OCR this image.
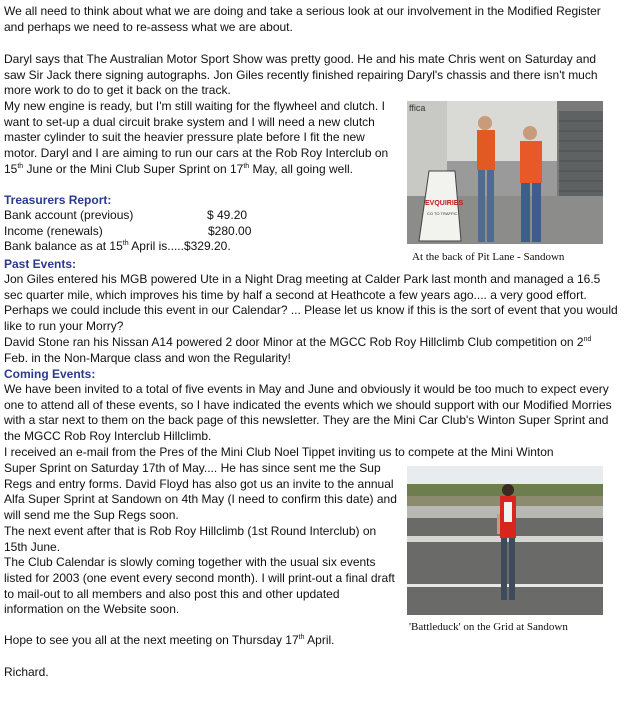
We all need to think about what we are doing and take a serious look at our involvement in the Modified Register and perhaps we need to re-assess what we are about.

Daryl says that The Australian Motor Sport Show was pretty good. He and his mate Chris went on Saturday and saw Sir Jack there signing autographs. Jon Giles recently finished repairing Daryl's chassis and there isn't much more work to do to get it back on the track.

My new engine is ready, but I'm still waiting for the flywheel and clutch. I want to set-up a dual circuit brake system and I will need a new clutch master cylinder to suit the heavier pressure plate before I fit the new motor. Daryl and I are aiming to run our cars at the Rob Roy Interclub on 15th June or the Mini Club Super Sprint on 17th May, all going well.

Treasurers Report:
Bank account (previous)	$ 49.20
Income (renewals)	$280.00
Bank balance as at 15th April is.....$329.20.
ffica
EVQUIRIES
CO TO TRAFFIC
At the back of Pit Lane - Sandown
Past Events:

Jon Giles entered his MGB powered Ute in a Night Drag meeting at Calder Park last month and managed a 16.5 sec quarter mile, which improves his time by half a second at Heathcote a few years ago.... a very good effort. Perhaps we could include this event in our Calendar? ... Please let us know if this is the sort of event that you would like to run your Morry?

David Stone ran his Nissan A14 powered 2 door Minor at the MGCC Rob Roy Hillclimb Club competition on 2nd Feb. in the Non-Marque class and won the Regularity!

Coming Events:

We have been invited to a total of five events in May and June and obviously it would be too much to expect every one to attend all of these events, so I have indicated the events which we should support with our Modified Morries with a star next to them on the back page of this newsletter. They are the Mini Car Club's Winton Super Sprint and the MGCC Rob Roy Interclub Hillclimb.

'Battleduck' on the Grid at Sandown

Hope to see you all at the next meeting on Thursday 17th April.

Richard.

I received an e-mail from the Pres of the Mini Club Noel Tippet inviting us to compete at the Mini Winton

Super Sprint on Saturday 17th of May.... He has since sent me the Sup Regs and entry forms. David Floyd has also got us an invite to the annual Alfa Super Sprint at Sandown on 4th May (I need to confirm this date) and will send me the Sup Regs soon.
The next event after that is Rob Roy Hillclimb (1st Round Interclub) on 15th June.
The Club Calendar is slowly coming together with the usual six events listed for 2003 (one event every second month). I will print-out a final draft to mail-out to all members and also post this and other updated information on the Website soon.
